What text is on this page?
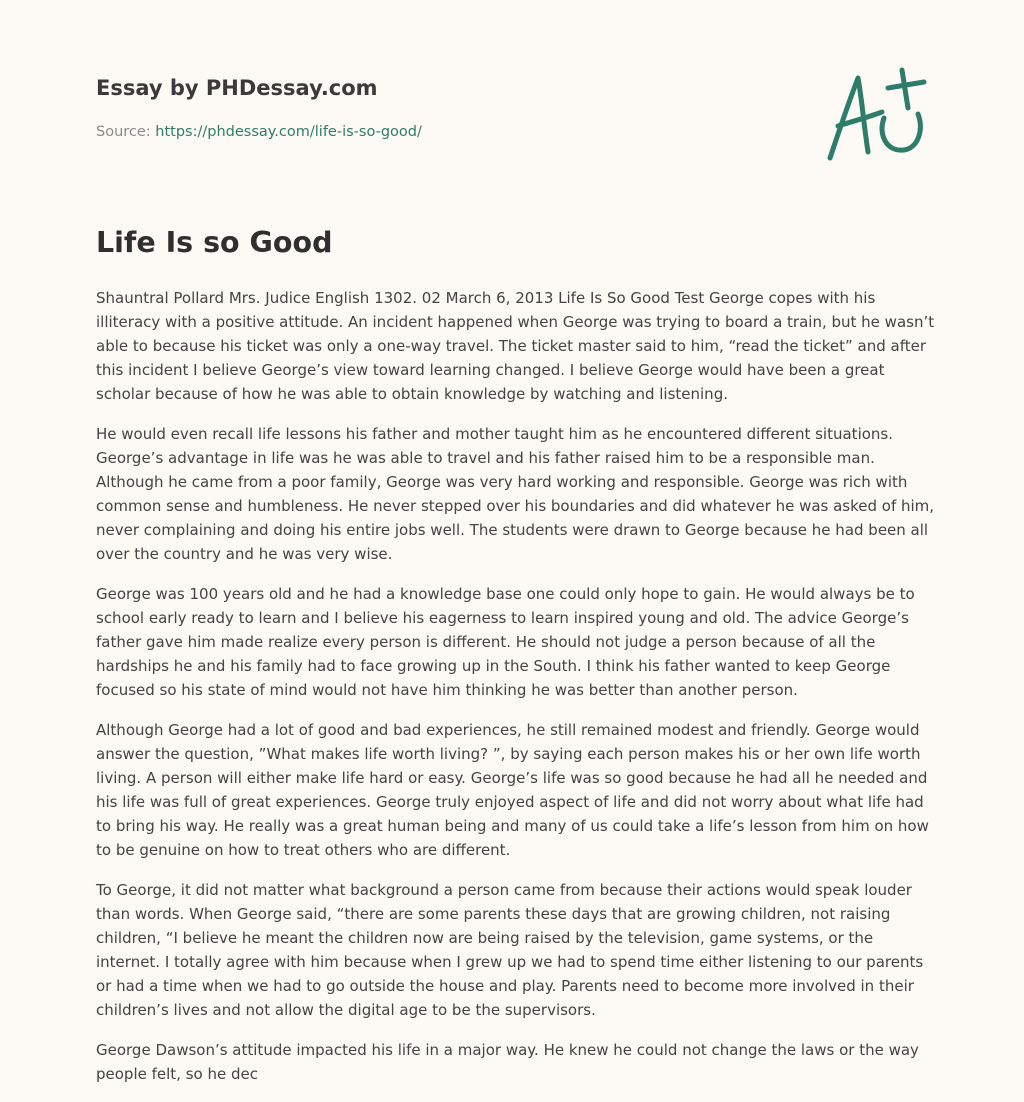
Essay by PHDessay.com
Source: https://phdessay.com/life-is-so-good/
Life Is so Good

Shauntral Pollard Mrs. Judice English 1302. 02 March 6, 2013 Life Is So Good Test George copes with his illiteracy with a positive attitude. An incident happened when George was trying to board a train, but he wasn’t able to because his ticket was only a one-way travel. The ticket master said to him, “read the ticket” and after this incident I believe George’s view toward learning changed. I believe George would have been a great scholar because of how he was able to obtain knowledge by watching and listening.

He would even recall life lessons his father and mother taught him as he encountered different situations. George’s advantage in life was he was able to travel and his father raised him to be a responsible man. Although he came from a poor family, George was very hard working and responsible. George was rich with common sense and humbleness. He never stepped over his boundaries and did whatever he was asked of him, never complaining and doing his entire jobs well. The students were drawn to George because he had been all over the country and he was very wise.

George was 100 years old and he had a knowledge base one could only hope to gain. He would always be to school early ready to learn and I believe his eagerness to learn inspired young and old. The advice George’s father gave him made realize every person is different. He should not judge a person because of all the hardships he and his family had to face growing up in the South. I think his father wanted to keep George focused so his state of mind would not have him thinking he was better than another person.

Although George had a lot of good and bad experiences, he still remained modest and friendly. George would answer the question, ”What makes life worth living? ”, by saying each person makes his or her own life worth living. A person will either make life hard or easy. George’s life was so good because he had all he needed and his life was full of great experiences. George truly enjoyed aspect of life and did not worry about what life had to bring his way. He really was a great human being and many of us could take a life’s lesson from him on how to be genuine on how to treat others who are different.

To George, it did not matter what background a person came from because their actions would speak louder than words. When George said, “there are some parents these days that are growing children, not raising children, “I believe he meant the children now are being raised by the television, game systems, or the internet. I totally agree with him because when I grew up we had to spend time either listening to our parents or had a time when we had to go outside the house and play. Parents need to become more involved in their children’s lives and not allow the digital age to be the supervisors.

George Dawson’s attitude impacted his life in a major way. He knew he could not change the laws or the way people felt, so he dec
